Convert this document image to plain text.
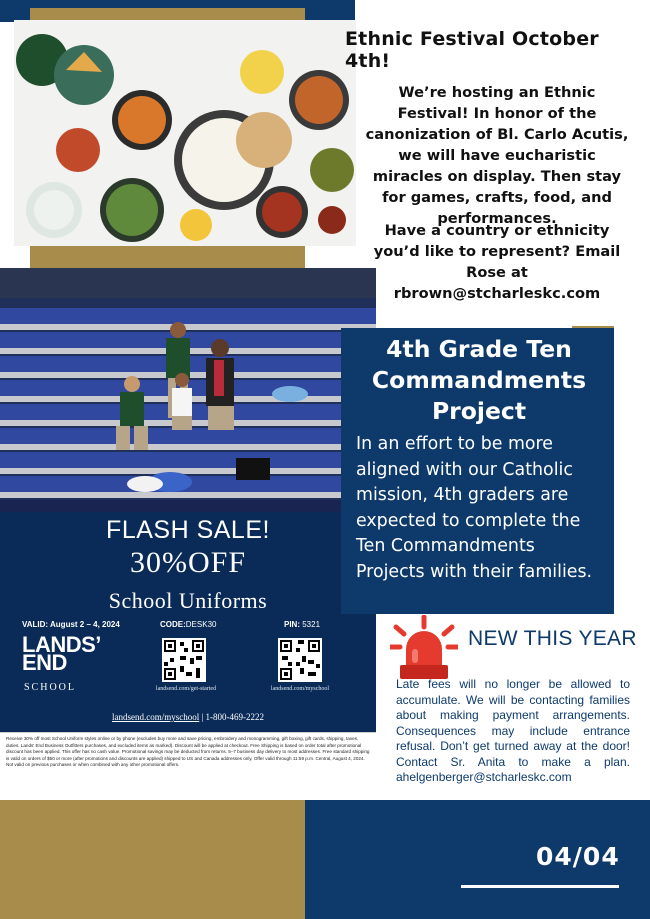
Ethnic Festival October 4th!
We’re hosting an Ethnic Festival! In honor of the canonization of Bl. Carlo Acutis, we will have eucharistic miracles on display. Then stay for games, crafts, food, and performances.
Have a country or ethnicity you’d like to represent? Email Rose at rbrown@stcharleskc.com
FLASH SALE!
30%OFF
School Uniforms
VALID: August 2 – 4, 2024	CODE:DESK30	PIN: 5321
LANDS’
END
SCHOOL	landsend.com/get-started	landsend.com/myschool
landsend.com/myschool | 1-800-469-2222
Receive 30% off most School Uniform styles online or by phone (excludes buy more and save pricing, embroidery and monogramming, gift boxing, gift cards, shipping, taxes, duties, Lands' End Business Outfitters purchases, and excluded items as marked). Discount will be applied at checkout. Free Shipping is based on order total after promotional discount has been applied. This offer has no cash value. Promotional savings may be deducted from returns. 5–7 business day delivery to most addresses. Free standard shipping is valid on orders of $50 or more (after promotions and discounts are applied) shipped to US and Canada addresses only. Offer valid through 11:59 p.m. Central, August 4, 2024. Not valid on previous purchases or when combined with any other promotional offers.
4th Grade Ten Commandments Project
In an effort to be more aligned with our Catholic mission, 4th graders are expected to complete the Ten Commandments Projects with their families.
NEW THIS YEAR
Late fees will no longer be allowed to accumulate. We will be contacting families about making payment arrangements. Consequences may include entrance refusal. Don’t get turned away at the door! Contact Sr. Anita to make a plan. ahelgenberger@stcharleskc.com
04/04
